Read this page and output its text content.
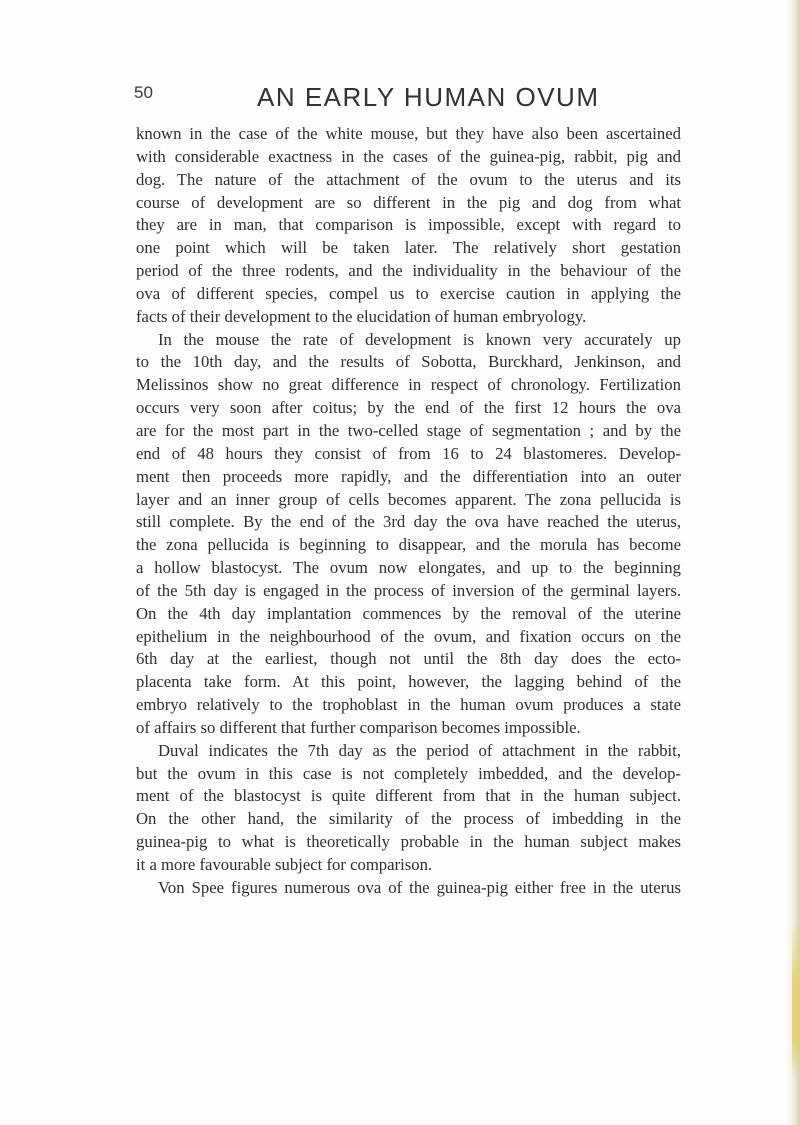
50	AN EARLY HUMAN OVUM
known in the case of the white mouse, but they have also been ascertained
with considerable exactness in the cases of the guinea-pig, rabbit, pig and
dog. The nature of the attachment of the ovum to the uterus and its
course of development are so different in the pig and dog from what
they are in man, that comparison is impossible, except with regard to
one point which will be taken later. The relatively short gestation
period of the three rodents, and the individuality in the behaviour of the
ova of different species, compel us to exercise caution in applying the
facts of their development to the elucidation of human embryology.
In the mouse the rate of development is known very accurately up
to the 10th day, and the results of Sobotta, Burckhard, Jenkinson, and
Melissinos show no great difference in respect of chronology. Fertilization
occurs very soon after coitus; by the end of the first 12 hours the ova
are for the most part in the two-celled stage of segmentation ; and by the
end of 48 hours they consist of from 16 to 24 blastomeres. Develop-
ment then proceeds more rapidly, and the differentiation into an outer
layer and an inner group of cells becomes apparent. The zona pellucida is
still complete. By the end of the 3rd day the ova have reached the uterus,
the zona pellucida is beginning to disappear, and the morula has become
a hollow blastocyst. The ovum now elongates, and up to the beginning
of the 5th day is engaged in the process of inversion of the germinal layers.
On the 4th day implantation commences by the removal of the uterine
epithelium in the neighbourhood of the ovum, and fixation occurs on the
6th day at the earliest, though not until the 8th day does the ecto-
placenta take form. At this point, however, the lagging behind of the
embryo relatively to the trophoblast in the human ovum produces a state
of affairs so different that further comparison becomes impossible.
Duval indicates the 7th day as the period of attachment in the rabbit,
but the ovum in this case is not completely imbedded, and the develop-
ment of the blastocyst is quite different from that in the human subject.
On the other hand, the similarity of the process of imbedding in the
guinea-pig to what is theoretically probable in the human subject makes
it a more favourable subject for comparison.
Von Spee figures numerous ova of the guinea-pig either free in the uterus
